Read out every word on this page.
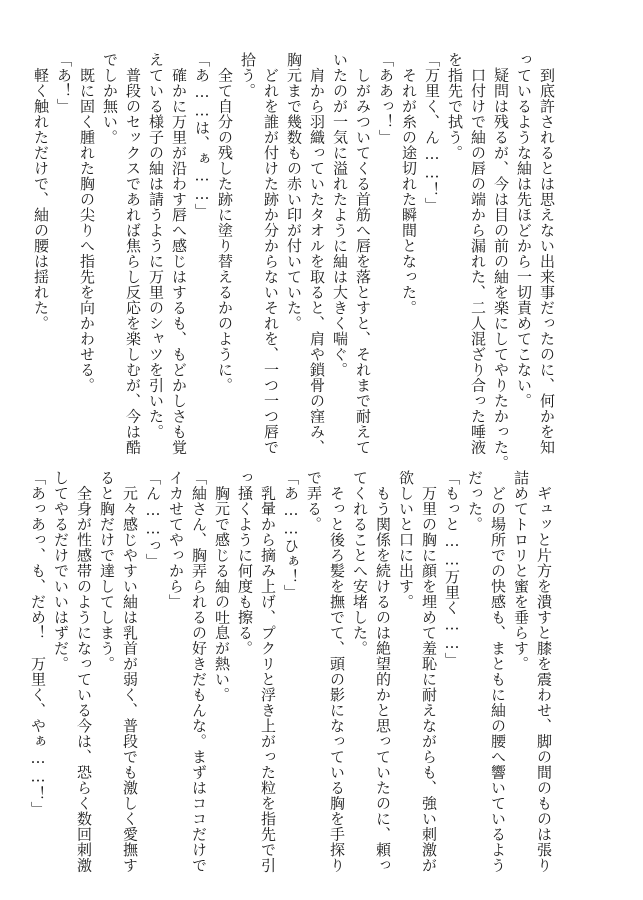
　到底許されるとは思えない出来事だったのに、何かを知
っているような紬は先ほどから一切責めてこない。
　疑問は残るが、今は目の前の紬を楽にしてやりたかった。
　口付けで紬の唇の端から漏れた、二人混ざり合った唾液
を指先で拭う。
「万里く、ん……！」
　それが糸の途切れた瞬間となった。
「ああっ！」
　しがみついてくる首筋へ唇を落とすと、それまで耐えて
いたのが一気に溢れたように紬は大きく喘ぐ。
　肩から羽織っていたタオルを取ると、肩や鎖骨の窪み、
胸元まで幾数もの赤い印が付いていた。
　どれを誰が付けた跡か分からないそれを、一つ一つ唇で
拾う。
　全て自分の残した跡に塗り替えるかのように。
「あ……は、ぁ……」
　確かに万里が沿わす唇へ感じはするも、もどかしさも覚
えている様子の紬は請うように万里のシャツを引いた。
　普段のセックスであれば焦らし反応を楽しむが、今は酷
でしか無い。
　既に固く腫れた胸の尖りへ指先を向かわせる。
「あ！」
　軽く触れただけで、紬の腰は揺れた。
　ギュッと片方を潰すと膝を震わせ、脚の間のものは張り
詰めてトロリと蜜を垂らす。
　どの場所での快感も、まともに紬の腰へ響いているよう
だった。
「もっと……万里く……」
　万里の胸に顔を埋めて羞恥に耐えながらも、強い刺激が
欲しいと口に出す。
　もう関係を続けるのは絶望的かと思っていたのに、頼っ
てくれることへ安堵した。
　そっと後ろ髪を撫でて、頭の影になっている胸を手探り
で弄る。
「あ……ひぁ！」
　乳暈から摘み上げ、プクリと浮き上がった粒を指先で引
っ掻くように何度も擦る。
　胸元で感じる紬の吐息が熱い。
「紬さん、胸弄られるの好きだもんな。まずはココだけで
イカせてやっから」
「ん……っ」
　元々感じやすい紬は乳首が弱く、普段でも激しく愛撫す
ると胸だけで達してしまう。
　全身が性感帯のようになっている今は、恐らく数回刺激
してやるだけでいいはずだ。
「あっあっ、も、だめ！　万里く、やぁ……！」
